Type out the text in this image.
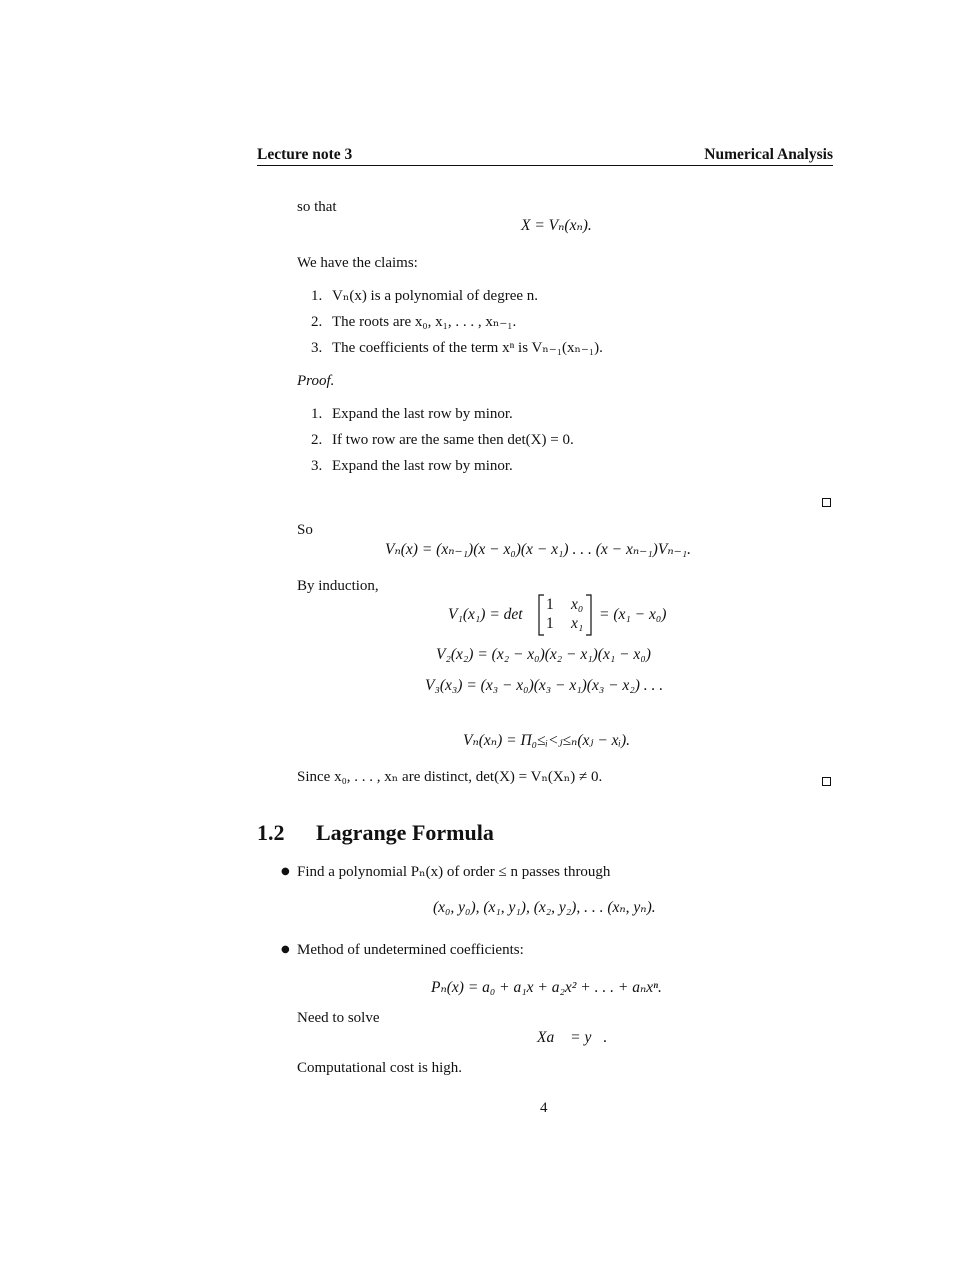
Lecture note 3	Numerical Analysis
so that
X = Vₙ(xₙ).
We have the claims:
1. Vₙ(x) is a polynomial of degree n.
2. The roots are x₀, x₁, . . . , xₙ₋₁.
3. The coefficients of the term xⁿ is Vₙ₋₁(xₙ₋₁).
Proof.
1. Expand the last row by minor.
2. If two row are the same then det(X) = 0.
3. Expand the last row by minor.
So
Vₙ(x) = (xₙ₋₁)(x − x₀)(x − x₁) . . . (x − xₙ₋₁)Vₙ₋₁.
By induction,
V₁(x₁) = det
1 x₀
1 x₁
= (x₁ − x₀)
V₂(x₂) = (x₂ − x₀)(x₂ − x₁)(x₁ − x₀)
V₃(x₃) = (x₃ − x₀)(x₃ − x₁)(x₃ − x₂) . . .
Vₙ(xₙ) = Π₀≤ᵢ<ⱼ≤ₙ(xⱼ − xᵢ).
Since x₀, . . . , xₙ are distinct, det(X) = Vₙ(Xₙ) ≠ 0.
1.2 Lagrange Formula
● Find a polynomial Pₙ(x) of order ≤ n passes through
(x₀, y₀), (x₁, y₁), (x₂, y₂), . . . (xₙ, yₙ).
● Method of undetermined coefficients:
Pₙ(x) = a₀ + a₁x + a₂x² + . . . + aₙxⁿ.
Need to solve
Xa⃗ = y⃗.
Computational cost is high.
4
